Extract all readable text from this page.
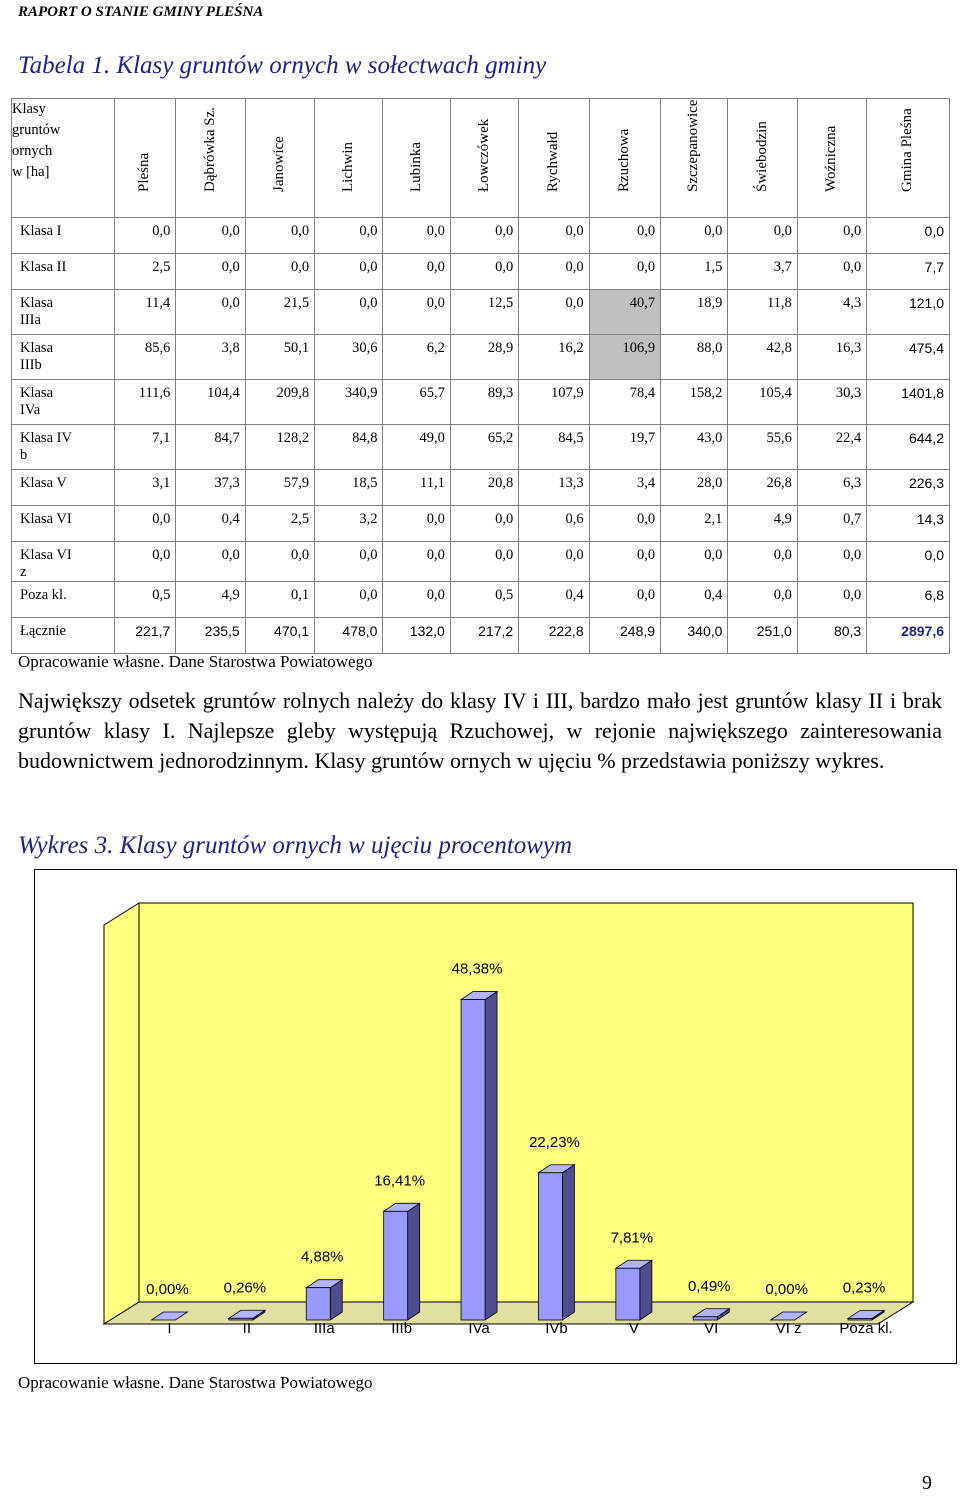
RAPORT O STANIE GMINY PLEŚNA
Tabela 1. Klasy gruntów ornych w sołectwach gminy
Klasy
gruntów
ornych
w [ha]	Pleśna	Dąbrówka Sz.	Janowice	Lichwin	Lubinka	Łowczówek	Rychwałd	Rzuchowa	Szczepanowice	Świebodzin	Woźniczna	Gmina Pleśna

Klasa I	0,0	0,0	0,0	0,0	0,0	0,0	0,0	0,0	0,0	0,0	0,0	0,0

Klasa II	2,5	0,0	0,0	0,0	0,0	0,0	0,0	0,0	1,5	3,7	0,0	7,7

Klasa
IIIa	11,4	0,0	21,5	0,0	0,0	12,5	0,0	40,7	18,9	11,8	4,3	121,0

Klasa
IIIb	85,6	3,8	50,1	30,6	6,2	28,9	16,2	106,9	88,0	42,8	16,3	475,4

Klasa
IVa	111,6	104,4	209,8	340,9	65,7	89,3	107,9	78,4	158,2	105,4	30,3	1401,8

Klasa IV
b	7,1	84,7	128,2	84,8	49,0	65,2	84,5	19,7	43,0	55,6	22,4	644,2

Klasa V	3,1	37,3	57,9	18,5	11,1	20,8	13,3	3,4	28,0	26,8	6,3	226,3

Klasa VI	0,0	0,4	2,5	3,2	0,0	0,0	0,6	0,0	2,1	4,9	0,7	14,3

Klasa VI
z	0,0	0,0	0,0	0,0	0,0	0,0	0,0	0,0	0,0	0,0	0,0	0,0

Poza kl.	0,5	4,9	0,1	0,0	0,0	0,5	0,4	0,0	0,4	0,0	0,0	6,8

Łącznie	221,7	235,5	470,1	478,0	132,0	217,2	222,8	248,9	340,0	251,0	80,3	2897,6
Opracowanie własne. Dane Starostwa Powiatowego
Największy odsetek gruntów rolnych należy do klasy IV i III, bardzo mało jest gruntów klasy II i brak gruntów klasy I. Najlepsze gleby występują Rzuchowej, w rejonie największego zainteresowania budownictwem jednorodzinnym. Klasy gruntów ornych w ujęciu % przedstawia poniższy wykres.
Wykres 3. Klasy gruntów ornych w ujęciu procentowym
0,00%
I
0,26%
II
4,88%
IIIa
16,41%
IIIb
48,38%
IVa
22,23%
IVb
7,81%
V
0,49%
VI
0,00%
VI z
0,23%
Poza kl.
Opracowanie własne. Dane Starostwa Powiatowego
9
